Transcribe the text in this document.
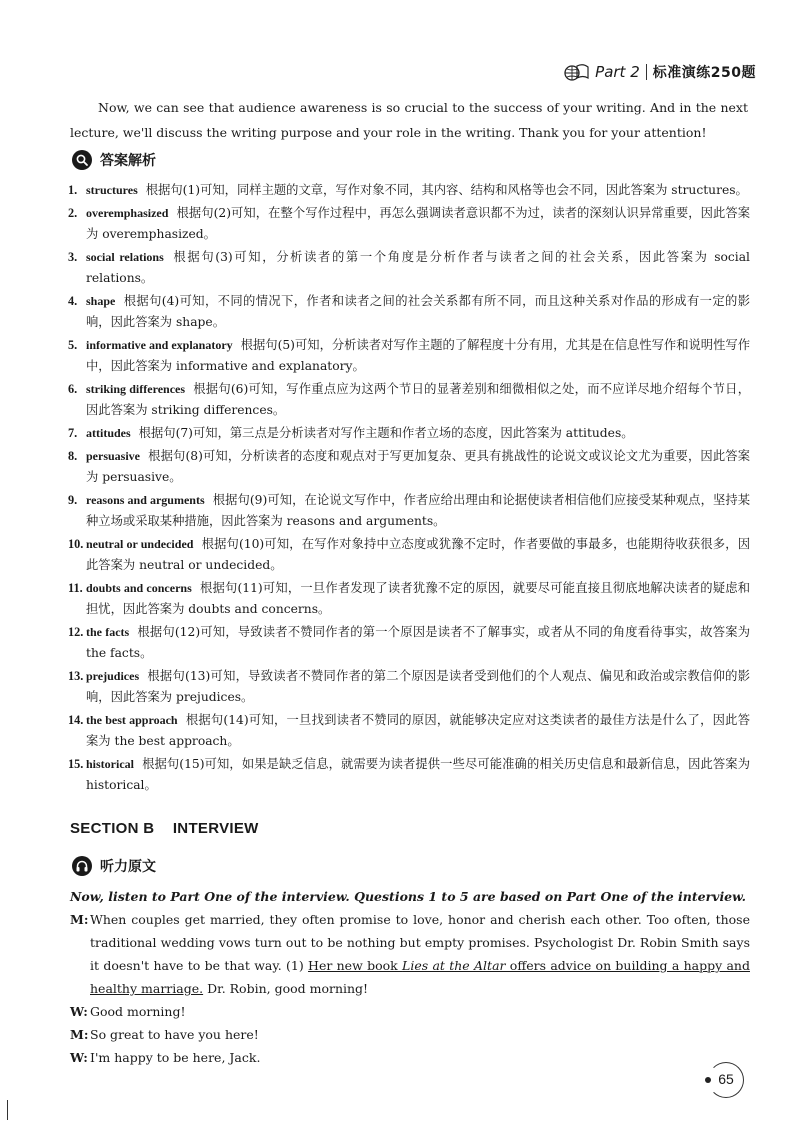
Part 2 标准演练250题
Now, we can see that audience awareness is so crucial to the success of your writing. And in the next lecture, we'll discuss the writing purpose and your role in the writing. Thank you for your attention!
答案解析
1. structures 根据句(1)可知，同样主题的文章，写作对象不同，其内容、结构和风格等也会不同，因此答案为 structures。
2. overemphasized 根据句(2)可知，在整个写作过程中，再怎么强调读者意识都不为过，读者的深刻认识异常重要，因此答案为 overemphasized。
3. social relations 根据句(3)可知，分析读者的第一个角度是分析作者与读者之间的社会关系，因此答案为 social relations。
4. shape 根据句(4)可知，不同的情况下，作者和读者之间的社会关系都有所不同，而且这种关系对作品的形成有一定的影响，因此答案为 shape。
5. informative and explanatory 根据句(5)可知，分析读者对写作主题的了解程度十分有用，尤其是在信息性写作和说明性写作中，因此答案为 informative and explanatory。
6. striking differences 根据句(6)可知，写作重点应为这两个节日的显著差别和细微相似之处，而不应详尽地介绍每个节日，因此答案为 striking differences。
7. attitudes 根据句(7)可知，第三点是分析读者对写作主题和作者立场的态度，因此答案为 attitudes。
8. persuasive 根据句(8)可知，分析读者的态度和观点对于写更加复杂、更具有挑战性的论说文或议论文尤为重要，因此答案为 persuasive。
9. reasons and arguments 根据句(9)可知，在论说文写作中，作者应给出理由和论据使读者相信他们应接受某种观点，坚持某种立场或采取某种措施，因此答案为 reasons and arguments。
10. neutral or undecided 根据句(10)可知，在写作对象持中立态度或犹豫不定时，作者要做的事最多，也能期待收获很多，因此答案为 neutral or undecided。
11. doubts and concerns 根据句(11)可知，一旦作者发现了读者犹豫不定的原因，就要尽可能直接且彻底地解决读者的疑虑和担忧，因此答案为 doubts and concerns。
12. the facts 根据句(12)可知，导致读者不赞同作者的第一个原因是读者不了解事实，或者从不同的角度看待事实，故答案为 the facts。
13. prejudices 根据句(13)可知，导致读者不赞同作者的第二个原因是读者受到他们的个人观点、偏见和政治或宗教信仰的影响，因此答案为 prejudices。
14. the best approach 根据句(14)可知，一旦找到读者不赞同的原因，就能够决定应对这类读者的最佳方法是什么了，因此答案为 the best approach。
15. historical 根据句(15)可知，如果是缺乏信息，就需要为读者提供一些尽可能准确的相关历史信息和最新信息，因此答案为 historical。
SECTION B INTERVIEW
听力原文
Now, listen to Part One of the interview. Questions 1 to 5 are based on Part One of the interview.
M: When couples get married, they often promise to love, honor and cherish each other. Too often, those traditional wedding vows turn out to be nothing but empty promises. Psychologist Dr. Robin Smith says it doesn't have to be that way. (1) Her new book Lies at the Altar offers advice on building a happy and healthy marriage. Dr. Robin, good morning!
W: Good morning!
M: So great to have you here!
W: I'm happy to be here, Jack.
65
